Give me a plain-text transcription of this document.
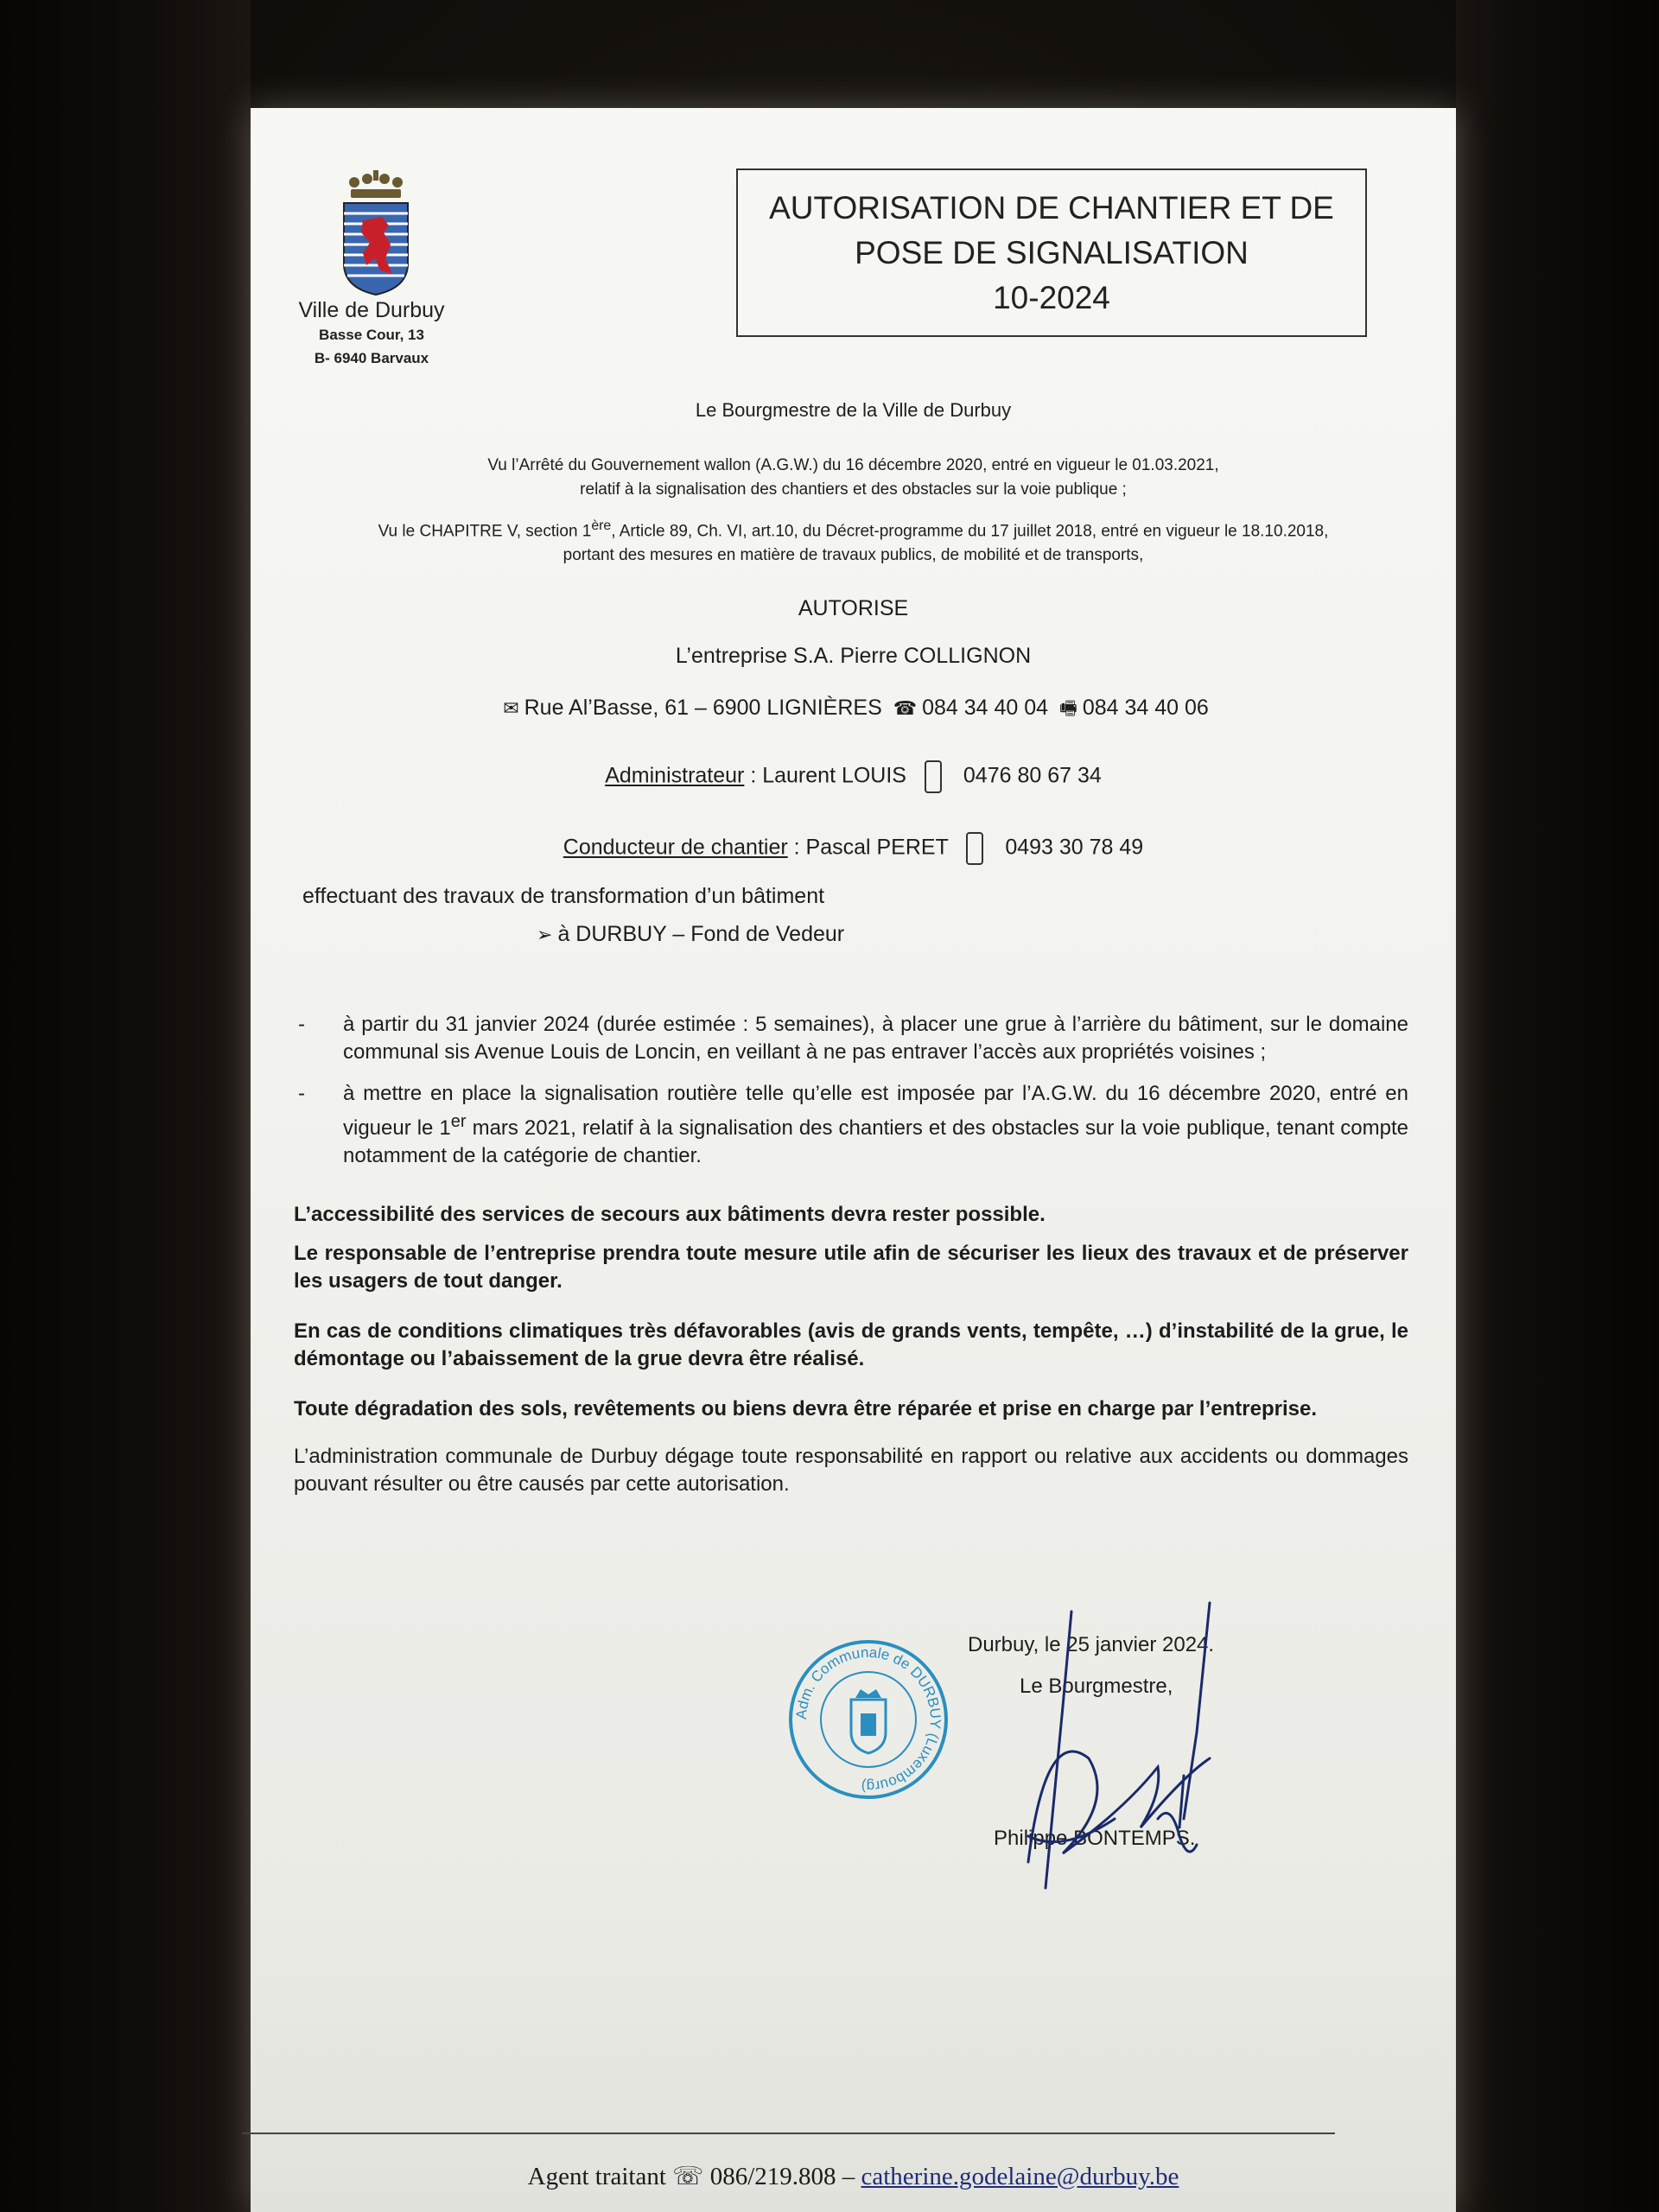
Ville de Durbuy
Basse Cour, 13
B- 6940 Barvaux
AUTORISATION DE CHANTIER ET DE
POSE DE SIGNALISATION
10-2024
Le Bourgmestre de la Ville de Durbuy
Vu l’Arrêté du Gouvernement wallon (A.G.W.) du 16 décembre 2020, entré en vigueur le 01.03.2021,
relatif à la signalisation des chantiers et des obstacles sur la voie publique ;
Vu le CHAPITRE V, section 1ère, Article 89, Ch. VI, art.10, du Décret-programme du 17 juillet 2018, entré en vigueur le 18.10.2018,
portant des mesures en matière de travaux publics, de mobilité et de transports,
AUTORISE
L’entreprise S.A. Pierre COLLIGNON
✉ Rue Al’Basse, 61 – 6900 LIGNIÈRES ☎ 084 34 40 04 🖷 084 34 40 06
Administrateur : Laurent LOUIS	0476 80 67 34
Conducteur de chantier : Pascal PERET	0493 30 78 49
effectuant des travaux de transformation d’un bâtiment
➢ à DURBUY – Fond de Vedeur
- à partir du 31 janvier 2024 (durée estimée : 5 semaines), à placer une grue à l’arrière du bâtiment, sur le domaine communal sis Avenue Louis de Loncin, en veillant à ne pas entraver l’accès aux propriétés voisines ;
- à mettre en place la signalisation routière telle qu’elle est imposée par l’A.G.W. du 16 décembre 2020, entré en vigueur le 1er mars 2021, relatif à la signalisation des chantiers et des obstacles sur la voie publique, tenant compte notamment de la catégorie de chantier.
L’accessibilité des services de secours aux bâtiments devra rester possible.
Le responsable de l’entreprise prendra toute mesure utile afin de sécuriser les lieux des travaux et de préserver les usagers de tout danger.
En cas de conditions climatiques très défavorables (avis de grands vents, tempête, …) d’instabilité de la grue, le démontage ou l’abaissement de la grue devra être réalisé.
Toute dégradation des sols, revêtements ou biens devra être réparée et prise en charge par l’entreprise.
L’administration communale de Durbuy dégage toute responsabilité en rapport ou relative aux accidents ou dommages pouvant résulter ou être causés par cette autorisation.
Adm. Communale de DURBUY (Luxembourg)
Durbuy, le 25 janvier 2024.
Le Bourgmestre,
Philippe BONTEMPS.
Agent traitant ☏ 086/219.808 – catherine.godelaine@durbuy.be
